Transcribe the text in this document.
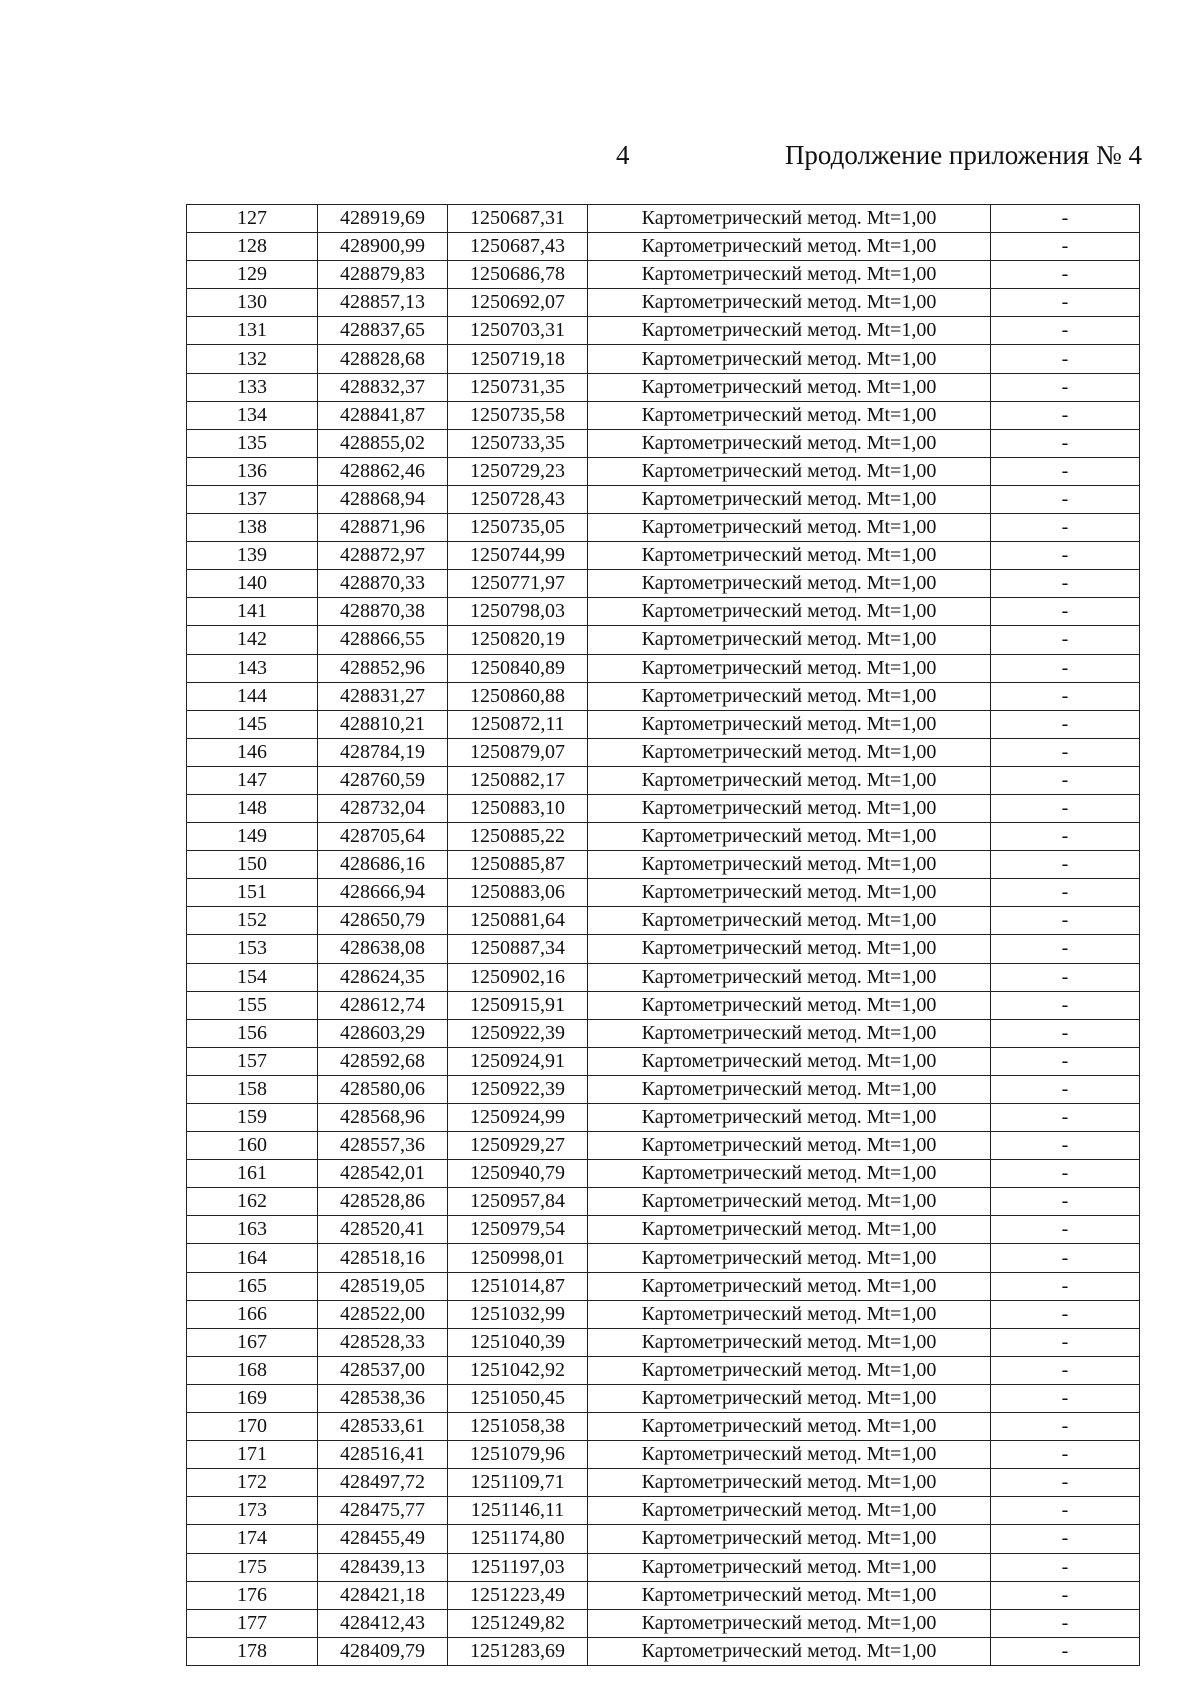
4	Продолжение приложения № 4
127	428919,69	1250687,31	Картометрический метод. Mt=1,00	-
128	428900,99	1250687,43	Картометрический метод. Mt=1,00	-
129	428879,83	1250686,78	Картометрический метод. Mt=1,00	-
130	428857,13	1250692,07	Картометрический метод. Mt=1,00	-
131	428837,65	1250703,31	Картометрический метод. Mt=1,00	-
132	428828,68	1250719,18	Картометрический метод. Mt=1,00	-
133	428832,37	1250731,35	Картометрический метод. Mt=1,00	-
134	428841,87	1250735,58	Картометрический метод. Mt=1,00	-
135	428855,02	1250733,35	Картометрический метод. Mt=1,00	-
136	428862,46	1250729,23	Картометрический метод. Mt=1,00	-
137	428868,94	1250728,43	Картометрический метод. Mt=1,00	-
138	428871,96	1250735,05	Картометрический метод. Mt=1,00	-
139	428872,97	1250744,99	Картометрический метод. Mt=1,00	-
140	428870,33	1250771,97	Картометрический метод. Mt=1,00	-
141	428870,38	1250798,03	Картометрический метод. Mt=1,00	-
142	428866,55	1250820,19	Картометрический метод. Mt=1,00	-
143	428852,96	1250840,89	Картометрический метод. Mt=1,00	-
144	428831,27	1250860,88	Картометрический метод. Mt=1,00	-
145	428810,21	1250872,11	Картометрический метод. Mt=1,00	-
146	428784,19	1250879,07	Картометрический метод. Mt=1,00	-
147	428760,59	1250882,17	Картометрический метод. Mt=1,00	-
148	428732,04	1250883,10	Картометрический метод. Mt=1,00	-
149	428705,64	1250885,22	Картометрический метод. Mt=1,00	-
150	428686,16	1250885,87	Картометрический метод. Mt=1,00	-
151	428666,94	1250883,06	Картометрический метод. Mt=1,00	-
152	428650,79	1250881,64	Картометрический метод. Mt=1,00	-
153	428638,08	1250887,34	Картометрический метод. Mt=1,00	-
154	428624,35	1250902,16	Картометрический метод. Mt=1,00	-
155	428612,74	1250915,91	Картометрический метод. Mt=1,00	-
156	428603,29	1250922,39	Картометрический метод. Mt=1,00	-
157	428592,68	1250924,91	Картометрический метод. Mt=1,00	-
158	428580,06	1250922,39	Картометрический метод. Mt=1,00	-
159	428568,96	1250924,99	Картометрический метод. Mt=1,00	-
160	428557,36	1250929,27	Картометрический метод. Mt=1,00	-
161	428542,01	1250940,79	Картометрический метод. Mt=1,00	-
162	428528,86	1250957,84	Картометрический метод. Mt=1,00	-
163	428520,41	1250979,54	Картометрический метод. Mt=1,00	-
164	428518,16	1250998,01	Картометрический метод. Mt=1,00	-
165	428519,05	1251014,87	Картометрический метод. Mt=1,00	-
166	428522,00	1251032,99	Картометрический метод. Mt=1,00	-
167	428528,33	1251040,39	Картометрический метод. Mt=1,00	-
168	428537,00	1251042,92	Картометрический метод. Mt=1,00	-
169	428538,36	1251050,45	Картометрический метод. Mt=1,00	-
170	428533,61	1251058,38	Картометрический метод. Mt=1,00	-
171	428516,41	1251079,96	Картометрический метод. Mt=1,00	-
172	428497,72	1251109,71	Картометрический метод. Mt=1,00	-
173	428475,77	1251146,11	Картометрический метод. Mt=1,00	-
174	428455,49	1251174,80	Картометрический метод. Mt=1,00	-
175	428439,13	1251197,03	Картометрический метод. Mt=1,00	-
176	428421,18	1251223,49	Картометрический метод. Mt=1,00	-
177	428412,43	1251249,82	Картометрический метод. Mt=1,00	-
178	428409,79	1251283,69	Картометрический метод. Mt=1,00	-
